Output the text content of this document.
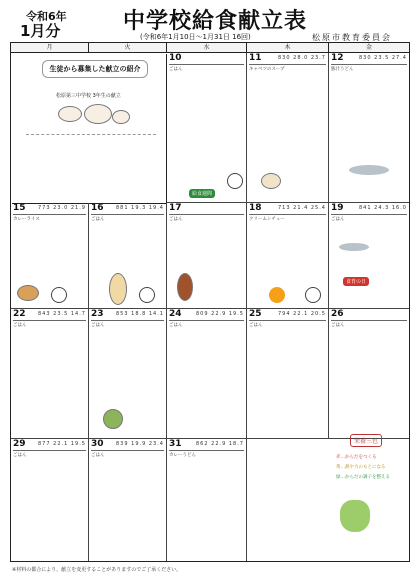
令和6年
1月分	中学校給食献立表
(令和6年1月10日〜1月31日 16回)	松原市教育委員会
月	火	水	木	金
生徒から募集した献立の紹介
松原第三中学校 3年生の献立
10
ごはん
給食週間
11	830 28.0 23.7
キャベツのスープ
12	830 23.5 27.4
豚汁うどん
15 773 23.0 21.9
カレーライス
16 881 19.3 19.4
ごはん
17
ごはん
18	713 21.4 25.4
クリームシチュー
19	841 24.3 16.0
ごはん
食育の日
22 843 23.5 14.7
ごはん
23 853 18.8 14.1
ごはん
24	809 22.9 19.5
ごはん
25	794 22.1 20.5
ごはん
26
ごはん
29 877 22.1 19.5
ごはん
30 839 19.9 23.4
ごはん
31	862 22.9 18.7
カレーうどん
栄養三色
赤…からだをつくる
黄…熱や力のもとになる
緑…からだの調子を整える
※材料の都合により、献立を変更することがありますのでご了承ください。
